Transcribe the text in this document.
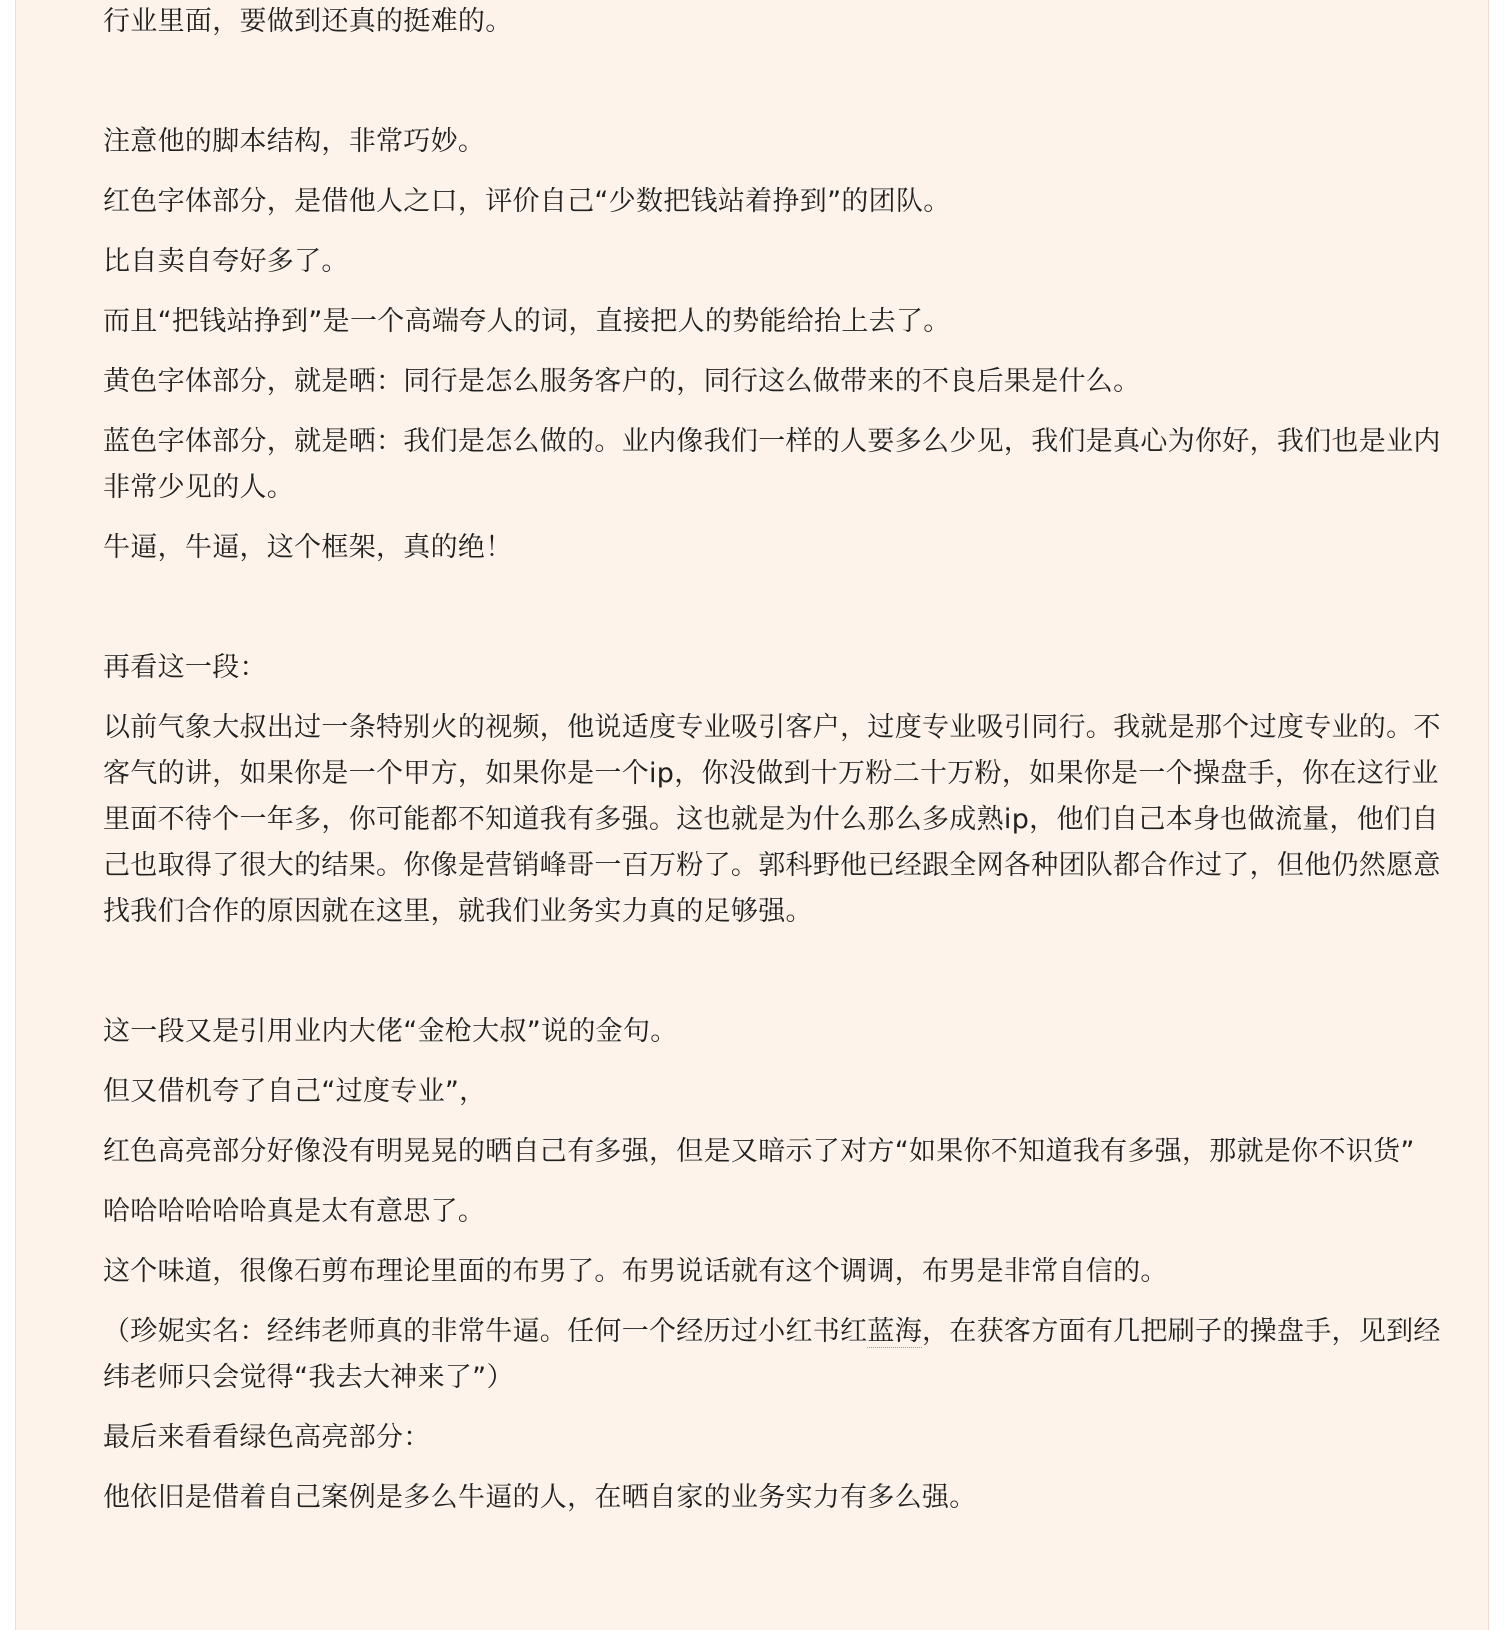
行业里面，要做到还真的挺难的。

注意他的脚本结构，非常巧妙。

红色字体部分，是借他人之口，评价自己“少数把钱站着挣到”的团队。

比自卖自夸好多了。

而且“把钱站挣到”是一个高端夸人的词，直接把人的势能给抬上去了。

黄色字体部分，就是晒：同行是怎么服务客户的，同行这么做带来的不良后果是什么。

蓝色字体部分，就是晒：我们是怎么做的。业内像我们一样的人要多么少见，我们是真心为你好，我们也是业内非常少见的人。

牛逼，牛逼，这个框架，真的绝！

再看这一段：

以前气象大叔出过一条特别火的视频，他说适度专业吸引客户，过度专业吸引同行。我就是那个过度专业的。不客气的讲，如果你是一个甲方，如果你是一个ip，你没做到十万粉二十万粉，如果你是一个操盘手，你在这行业里面不待个一年多，你可能都不知道我有多强。这也就是为什么那么多成熟ip，他们自己本身也做流量，他们自己也取得了很大的结果。你像是营销峰哥一百万粉了。郭科野他已经跟全网各种团队都合作过了，但他仍然愿意找我们合作的原因就在这里，就我们业务实力真的足够强。

这一段又是引用业内大佬“金枪大叔”说的金句。

但又借机夸了自己“过度专业”，

红色高亮部分好像没有明晃晃的晒自己有多强，但是又暗示了对方“如果你不知道我有多强，那就是你不识货”

哈哈哈哈哈哈真是太有意思了。

这个味道，很像石剪布理论里面的布男了。布男说话就有这个调调，布男是非常自信的。

（珍妮实名：经纬老师真的非常牛逼。任何一个经历过小红书红蓝海，在获客方面有几把刷子的操盘手，见到经纬老师只会觉得“我去大神来了”）

最后来看看绿色高亮部分：

他依旧是借着自己案例是多么牛逼的人，在晒自家的业务实力有多么强。
